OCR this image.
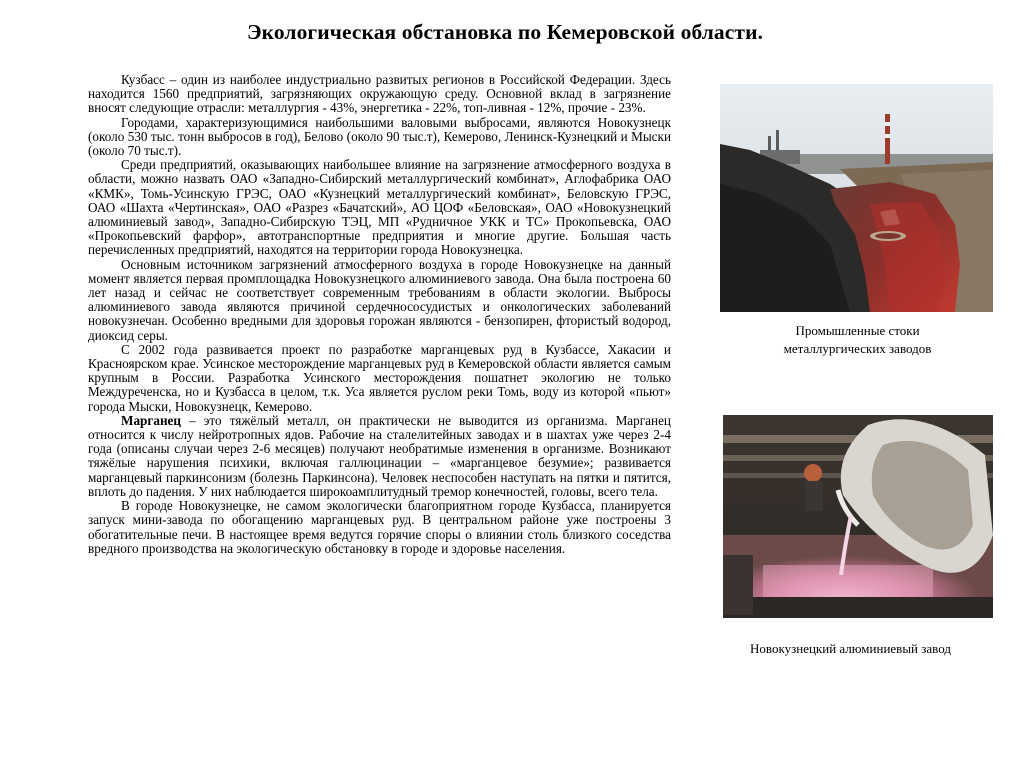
Экологическая обстановка по Кемеровской области.

Кузбасс – один из наиболее индустриально развитых регионов в Российской Федерации. Здесь находится 1560 предприятий, загрязняющих окружающую среду. Основной вклад в загрязнение вносят следующие отрасли: металлургия - 43%, энергетика - 22%, топ-ливная - 12%, прочие - 23%.

Городами, характеризующимися наибольшими валовыми выбросами, являются Новокузнецк (около 530 тыс. тонн выбросов в год), Белово (около 90 тыс.т), Кемерово, Ленинск-Кузнецкий и Мыски (около 70 тыс.т).

Среди предприятий, оказывающих наибольшее влияние на загрязнение атмосферного воздуха в области, можно назвать ОАО «Западно-Сибирский металлургический комбинат», Аглофабрика ОАО «КМК», Томь-Усинскую ГРЭС, ОАО «Кузнецкий металлургический комбинат», Беловскую ГРЭС, ОАО «Шахта «Чертинская», ОАО «Разрез «Бачатский», АО ЦОФ «Беловская», ОАО «Новокузнецкий алюминиевый завод», Западно-Сибирскую ТЭЦ, МП «Рудничное УКК и ТС» Прокопьевска, ОАО «Прокопьевский фарфор», автотранспортные предприятия и многие другие. Большая часть перечисленных предприятий, находятся на территории города Новокузнецка.

Основным источником загрязнений атмосферного воздуха в городе Новокузнецке на данный момент является первая промплощадка Новокузнецкого алюминиевого завода. Она была построена 60 лет назад и сейчас не соответствует современным требованиям в области экологии. Выбросы алюминиевого завода являются причиной сердечнососудистых и онкологических заболеваний новокузнечан. Особенно вредными для здоровья горожан являются - бензопирен, фтористый водород, диоксид серы.

С 2002 года развивается проект по разработке марганцевых руд в Кузбассе, Хакасии и Красноярском крае. Усинское месторождение марганцевых руд в Кемеровской области является самым крупным в России. Разработка Усинского месторождения пошатнет экологию не только Междуреченска, но и Кузбасса в целом, т.к. Уса является руслом реки Томь, воду из которой «пьют» города Мыски, Новокузнецк, Кемерово.

Марганец – это тяжёлый металл, он практически не выводится из организма. Марганец относится к числу нейротропных ядов. Рабочие на сталелитейных заводах и в шахтах уже через 2-4 года (описаны случаи через 2-6 месяцев) получают необратимые изменения в организме. Возникают тяжёлые нарушения психики, включая галлюцинации – «марганцевое безумие»; развивается марганцевый паркинсонизм (болезнь Паркинсона). Человек неспособен наступать на пятки и пятится, вплоть до падения. У них наблюдается широкоамплитудный тремор конечностей, головы, всего тела.

В городе Новокузнецке, не самом экологически благоприятном городе Кузбасса, планируется запуск мини-завода по обогащению марганцевых руд. В центральном районе уже построены 3 обогатительные печи. В настоящее время ведутся горячие споры о влиянии столь близкого соседства вредного производства на экологическую обстановку в городе и здоровье населения.

Промышленные стоки металлургических заводов
Новокузнецкий алюминиевый завод
